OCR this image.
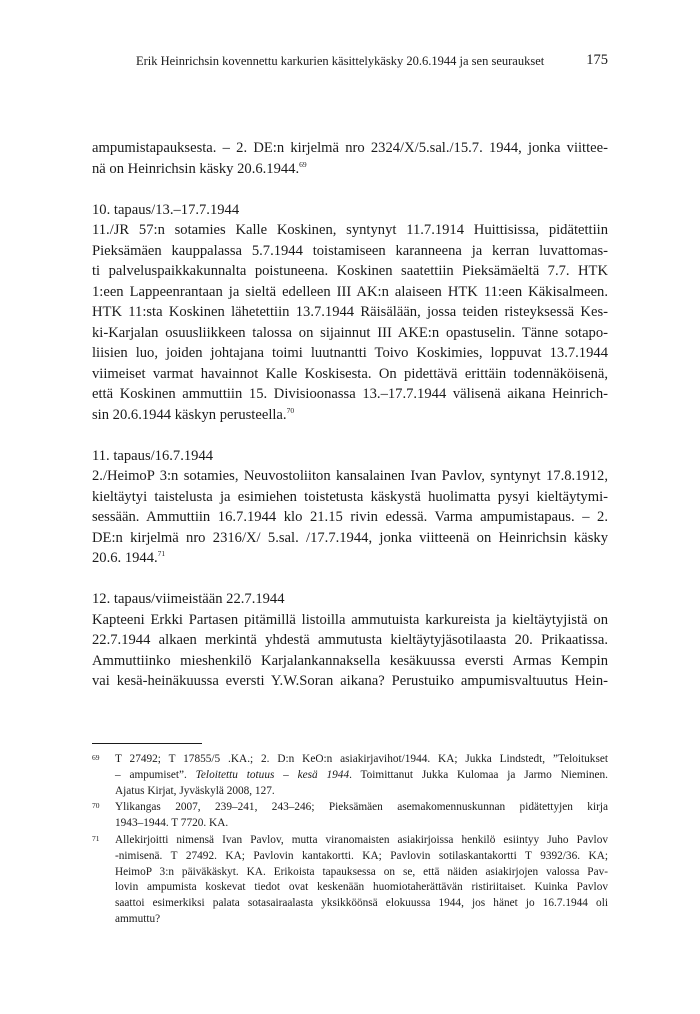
Erik Heinrichsin kovennettu karkurien käsittelykäsky 20.6.1944 ja sen seuraukset	175

ampumistapauksesta. – 2. DE:n kirjelmä nro 2324/X/5.sal./15.7. 1944, jonka viittee-
nä on Heinrichsin käsky 20.6.1944.69

10. tapaus/13.–17.7.1944

11./JR 57:n sotamies Kalle Koskinen, syntynyt 11.7.1914 Huittisissa, pidätettiin
Pieksämäen kauppalassa 5.7.1944 toistamiseen karanneena ja kerran luvattomas-
ti palveluspaikkakunnalta poistuneena. Koskinen saatettiin Pieksämäeltä 7.7. HTK
1:een Lappeenrantaan ja sieltä edelleen III AK:n alaiseen HTK 11:een Käkisalmeen.
HTK 11:sta Koskinen lähetettiin 13.7.1944 Räisälään, jossa teiden risteyksessä Kes-
ki-Karjalan osuusliikkeen talossa on sijainnut III AKE:n opastuselin. Tänne sotapo-
liisien luo, joiden johtajana toimi luutnantti Toivo Koskimies, loppuvat 13.7.1944
viimeiset varmat havainnot Kalle Koskisesta. On pidettävä erittäin todennäköisenä,
että Koskinen ammuttiin 15. Divisioonassa 13.–17.7.1944 välisenä aikana Heinrich-
sin 20.6.1944 käskyn perusteella.$^{70}$

11. tapaus/16.7.1944

2./HeimoP 3:n sotamies, Neuvostoliiton kansalainen Ivan Pavlov, syntynyt 17.8.1912,
kieltäytyi taistelusta ja esimiehen toistetusta käskystä huolimatta pysyi kieltäytymi-
sessään. Ammuttiin 16.7.1944 klo 21.15 rivin edessä. Varma ampumistapaus. – 2.
DE:n kirjelmä nro 2316/X/ 5.sal. /17.7.1944, jonka viitteenä on Heinrichsin käsky
20.6. 1944.71

12. tapaus/viimeistään 22.7.1944

Kapteeni Erkki Partasen pitämillä listoilla ammutuista karkureista ja kieltäytyjistä on
22.7.1944 alkaen merkintä yhdestä ammutusta kieltäytyjäsotilaasta 20. Prikaatissa.
Ammuttiinko mieshenkilö Karjalankannaksella kesäkuussa eversti Armas Kempin
vai kesä-heinäkuussa eversti Y.W.Soran aikana? Perustuiko ampumisvaltuutus Hein-

69 T 27492; T 17855/5 .KA.; 2. D:n KeO:n asiakirjavihot/1944. KA; Jukka Lindstedt, ”Teloitukset
– ampumiset”. Teloitettu totuus – kesä 1944. Toimittanut Jukka Kulomaa ja Jarmo Nieminen.
Ajatus Kirjat, Jyväskylä 2008, 127.
70 Ylikangas 2007, 239–241, 243–246; Pieksämäen asemakomennuskunnan pidätettyjen kirja
1943–1944. T 7720. KA.
71 Allekirjoitti nimensä Ivan Pavlov, mutta viranomaisten asiakirjoissa henkilö esiintyy Juho Pavlov
-nimisenä. T 27492. KA; Pavlovin kantakortti. KA; Pavlovin sotilaskantakortti T 9392/36. KA;
HeimoP 3:n päiväkäskyt. KA. Erikoista tapauksessa on se, että näiden asiakirjojen valossa Pav-
lovin ampumista koskevat tiedot ovat keskenään huomiotaherättävän ristiriitaiset. Kuinka Pavlov
saattoi esimerkiksi palata sotasairaalasta yksikköönsä elokuussa 1944, jos hänet jo 16.7.1944 oli
ammuttu?
